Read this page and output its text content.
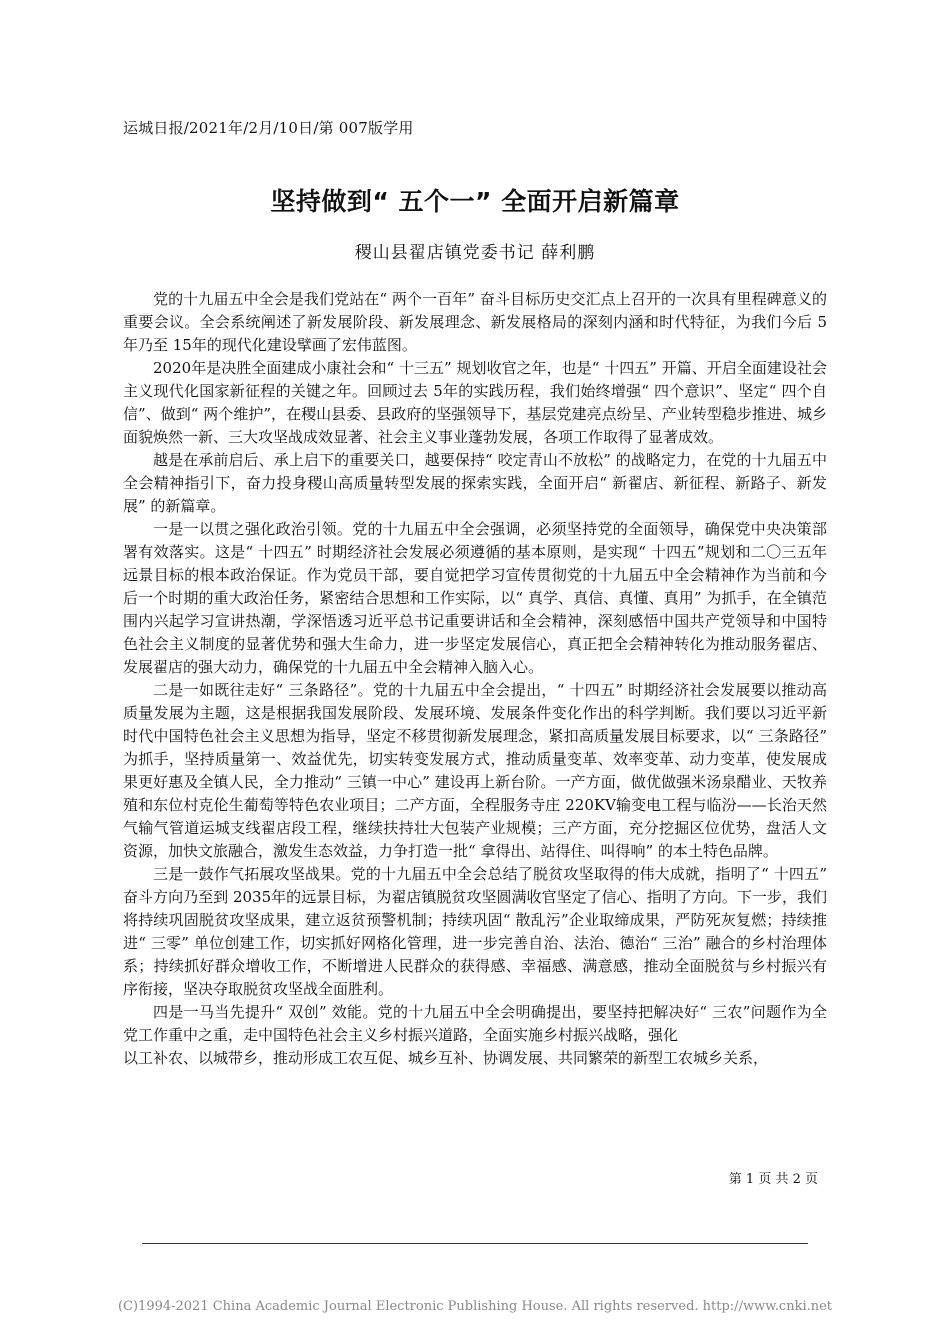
运城日报/2021年/2月/10日/第 007版学用
坚持做到“ 五个一” 全面开启新篇章
稷山县翟店镇党委书记 薛利鹏

党的十九届五中全会是我们党站在“ 两个一百年” 奋斗目标历史交汇点上召开的一次具有里程碑意义的重要会议。全会系统阐述了新发展阶段、新发展理念、新发展格局的深刻内涵和时代特征，为我们今后 5年乃至 15年的现代化建设擘画了宏伟蓝图。

2020年是决胜全面建成小康社会和“ 十三五” 规划收官之年，也是“ 十四五” 开篇、开启全面建设社会主义现代化国家新征程的关键之年。回顾过去 5年的实践历程，我们始终增强“ 四个意识”、坚定“ 四个自信”、做到“ 两个维护”，在稷山县委、县政府的坚强领导下，基层党建亮点纷呈、产业转型稳步推进、城乡面貌焕然一新、三大攻坚战成效显著、社会主义事业蓬勃发展，各项工作取得了显著成效。

越是在承前启后、承上启下的重要关口，越要保持“ 咬定青山不放松” 的战略定力，在党的十九届五中全会精神指引下，奋力投身稷山高质量转型发展的探索实践，全面开启“ 新翟店、新征程、新路子、新发展” 的新篇章。

一是一以贯之强化政治引领。党的十九届五中全会强调，必须坚持党的全面领导，确保党中央决策部署有效落实。这是“ 十四五” 时期经济社会发展必须遵循的基本原则，是实现“ 十四五”规划和二〇三五年远景目标的根本政治保证。作为党员干部，要自觉把学习宣传贯彻党的十九届五中全会精神作为当前和今后一个时期的重大政治任务，紧密结合思想和工作实际，以“ 真学、真信、真懂、真用” 为抓手，在全镇范围内兴起学习宣讲热潮，学深悟透习近平总书记重要讲话和全会精神，深刻感悟中国共产党领导和中国特色社会主义制度的显著优势和强大生命力，进一步坚定发展信心，真正把全会精神转化为推动服务翟店、发展翟店的强大动力，确保党的十九届五中全会精神入脑入心。

二是一如既往走好“ 三条路径”。党的十九届五中全会提出，“ 十四五” 时期经济社会发展要以推动高质量发展为主题，这是根据我国发展阶段、发展环境、发展条件变化作出的科学判断。我们要以习近平新时代中国特色社会主义思想为指导，坚定不移贯彻新发展理念，紧扣高质量发展目标要求，以“ 三条路径” 为抓手，坚持质量第一、效益优先，切实转变发展方式，推动质量变革、效率变革、动力变革，使发展成果更好惠及全镇人民，全力推动“ 三镇一中心” 建设再上新台阶。一产方面，做优做强米汤泉醋业、天牧养殖和东位村克伦生葡萄等特色农业项目；二产方面，全程服务寺庄 220KV输变电工程与临汾——长治天然气输气管道运城支线翟店段工程，继续扶持壮大包装产业规模；三产方面，充分挖掘区位优势，盘活人文资源，加快文旅融合，激发生态效益，力争打造一批“ 拿得出、站得住、叫得响” 的本土特色品牌。

三是一鼓作气拓展攻坚战果。党的十九届五中全会总结了脱贫攻坚取得的伟大成就，指明了“ 十四五” 奋斗方向乃至到 2035年的远景目标，为翟店镇脱贫攻坚圆满收官坚定了信心、指明了方向。下一步，我们将持续巩固脱贫攻坚成果，建立返贫预警机制；持续巩固“ 散乱污”企业取缔成果，严防死灰复燃；持续推进“ 三零” 单位创建工作，切实抓好网格化管理，进一步完善自治、法治、德治“ 三治” 融合的乡村治理体系；持续抓好群众增收工作，不断增进人民群众的获得感、幸福感、满意感，推动全面脱贫与乡村振兴有序衔接，坚决夺取脱贫攻坚战全面胜利。

四是一马当先提升“ 双创” 效能。党的十九届五中全会明确提出，要坚持把解决好“ 三农”问题作为全党工作重中之重，走中国特色社会主义乡村振兴道路，全面实施乡村振兴战略，强化

以工补农、以城带乡，推动形成工农互促、城乡互补、协调发展、共同繁荣的新型工农城乡关系，

第 1 页 共 2 页
(C)1994-2021 China Academic Journal Electronic Publishing House. All rights reserved. http://www.cnki.net
